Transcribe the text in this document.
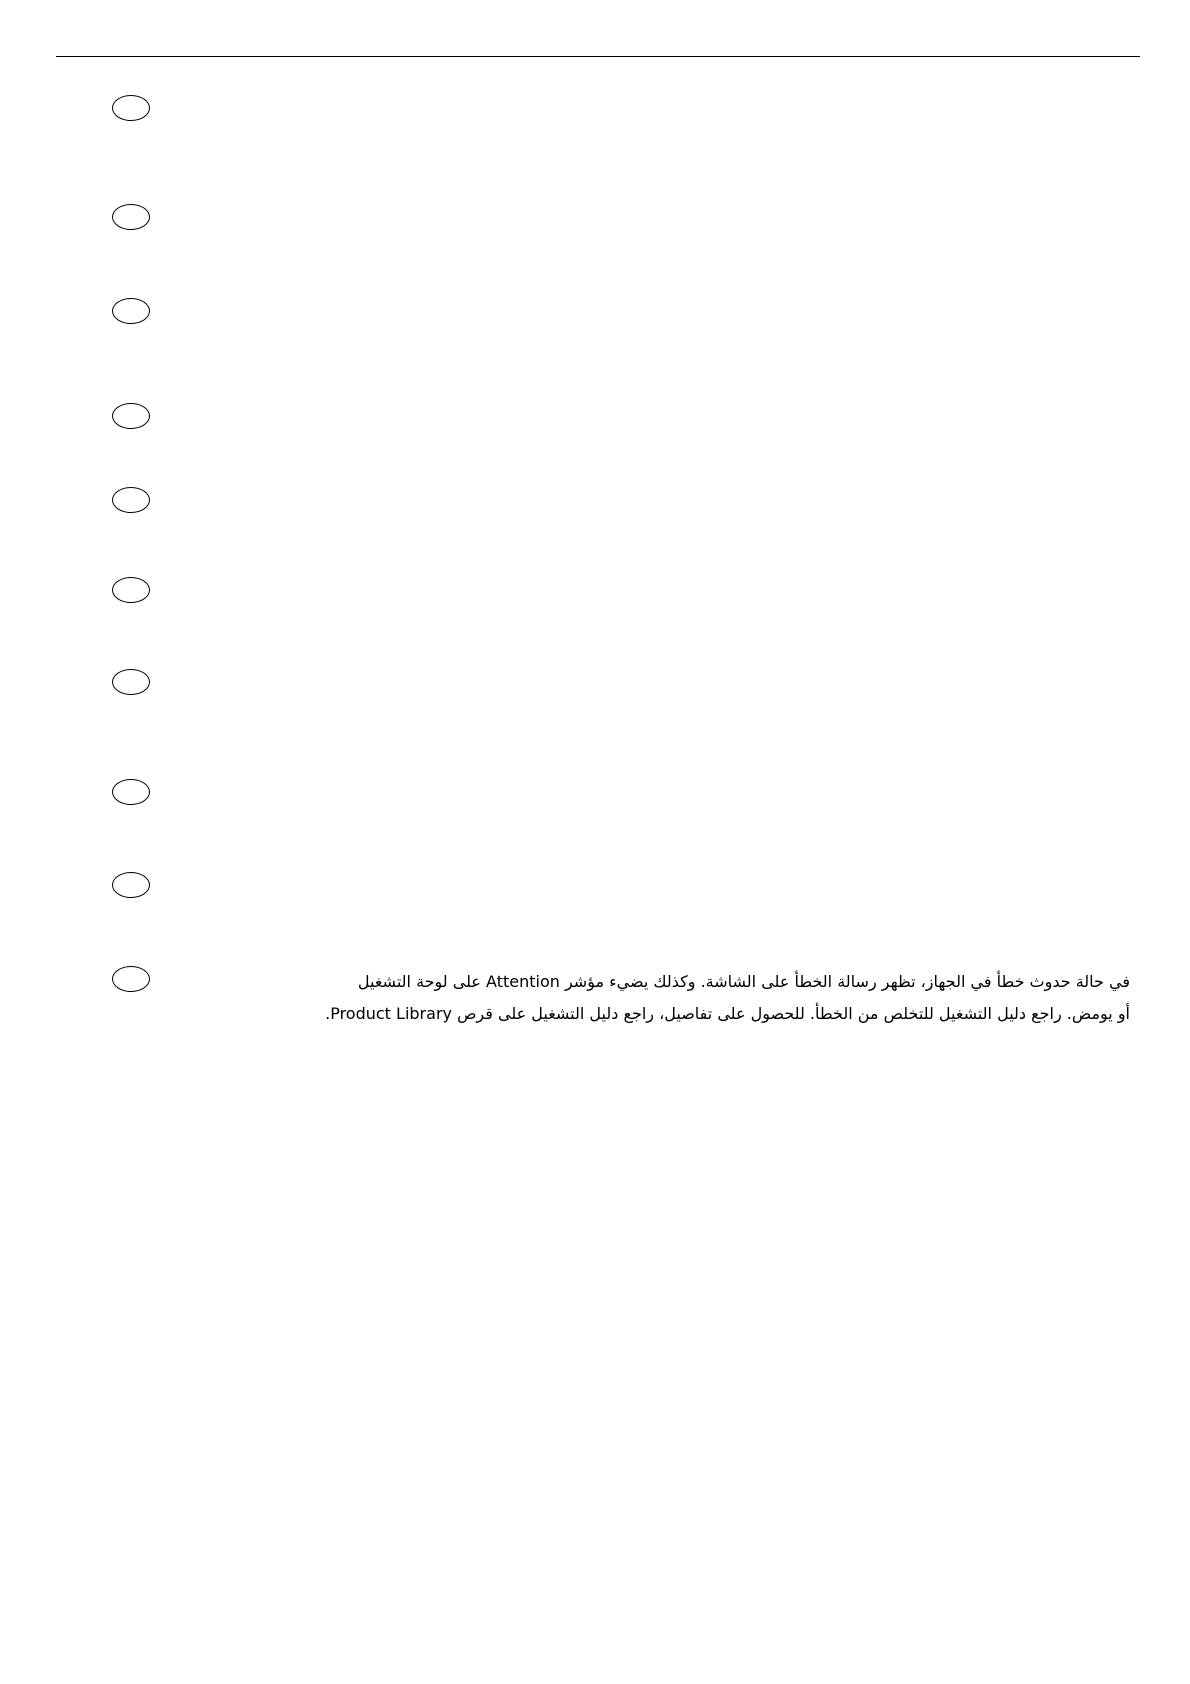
في حالة حدوث خطأ في الجهاز، تظهر رسالة الخطأ على الشاشة. وكذلك يضيء مؤشر Attention على لوحة التشغيل
أو يومض. راجع دليل التشغيل للتخلص من الخطأ. للحصول على تفاصيل، راجع دليل التشغيل على قرص Product Library.
